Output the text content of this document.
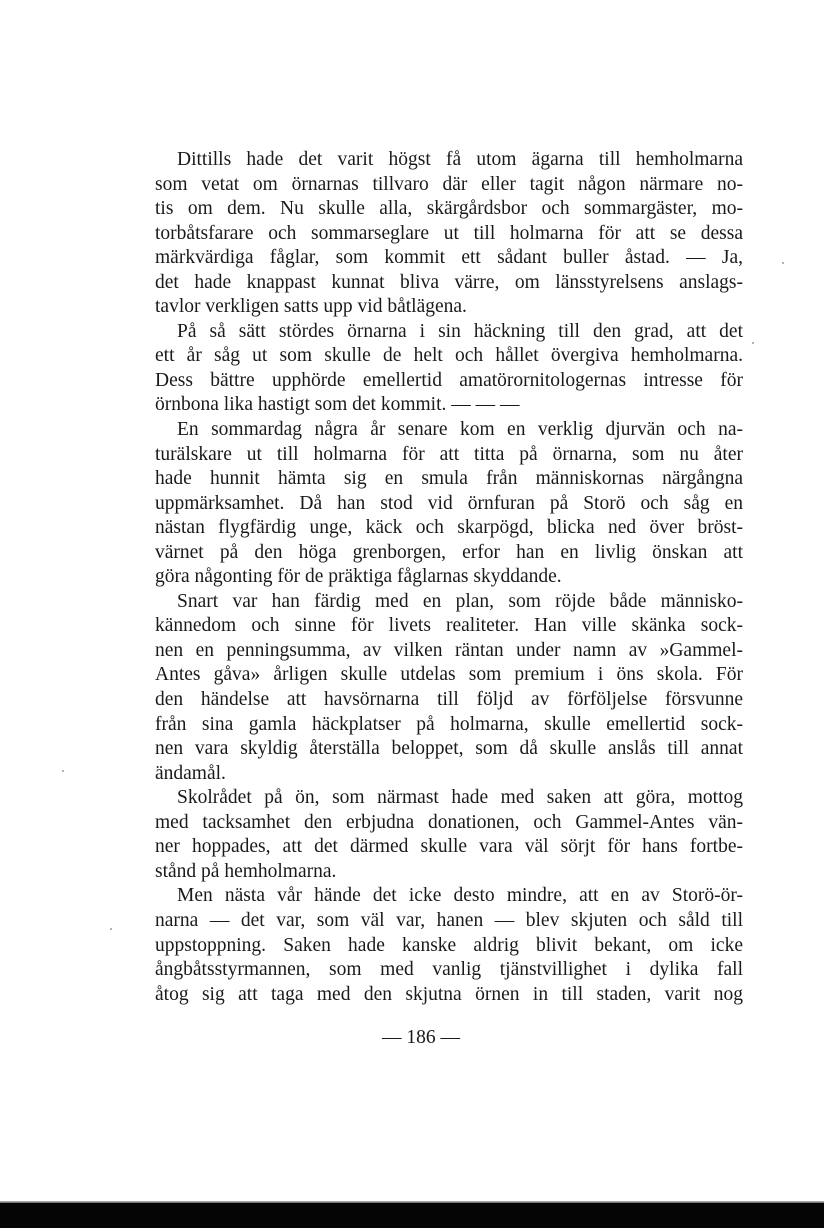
Dittills hade det varit högst få utom ägarna till hemholmarna
som vetat om örnarnas tillvaro där eller tagit någon närmare no-
tis om dem. Nu skulle alla, skärgårdsbor och sommargäster, mo-
torbåtsfarare och sommarseglare ut till holmarna för att se dessa
märkvärdiga fåglar, som kommit ett sådant buller åstad. — Ja,
det hade knappast kunnat bliva värre, om länsstyrelsens anslags-
tavlor verkligen satts upp vid båtlägena.
På så sätt stördes örnarna i sin häckning till den grad, att det
ett år såg ut som skulle de helt och hållet övergiva hemholmarna.
Dess bättre upphörde emellertid amatörornitologernas intresse för
örnbona lika hastigt som det kommit. — — —
En sommardag några år senare kom en verklig djurvän och na-
turälskare ut till holmarna för att titta på örnarna, som nu åter
hade hunnit hämta sig en smula från människornas närgångna
uppmärksamhet. Då han stod vid örnfuran på Storö och såg en
nästan flygfärdig unge, käck och skarpögd, blicka ned över bröst-
värnet på den höga grenborgen, erfor han en livlig önskan att
göra någonting för de präktiga fåglarnas skyddande.
Snart var han färdig med en plan, som röjde både människo-
kännedom och sinne för livets realiteter. Han ville skänka sock-
nen en penningsumma, av vilken räntan under namn av »Gammel-
Antes gåva» årligen skulle utdelas som premium i öns skola. För
den händelse att havsörnarna till följd av förföljelse försvunne
från sina gamla häckplatser på holmarna, skulle emellertid sock-
nen vara skyldig återställa beloppet, som då skulle anslås till annat
ändamål.
Skolrådet på ön, som närmast hade med saken att göra, mottog
med tacksamhet den erbjudna donationen, och Gammel-Antes vän-
ner hoppades, att det därmed skulle vara väl sörjt för hans fortbe-
stånd på hemholmarna.
Men nästa vår hände det icke desto mindre, att en av Storö-ör-
narna — det var, som väl var, hanen — blev skjuten och såld till
uppstoppning. Saken hade kanske aldrig blivit bekant, om icke
ångbåtsstyrmannen, som med vanlig tjänstvillighet i dylika fall
åtog sig att taga med den skjutna örnen in till staden, varit nog
— 186 —
